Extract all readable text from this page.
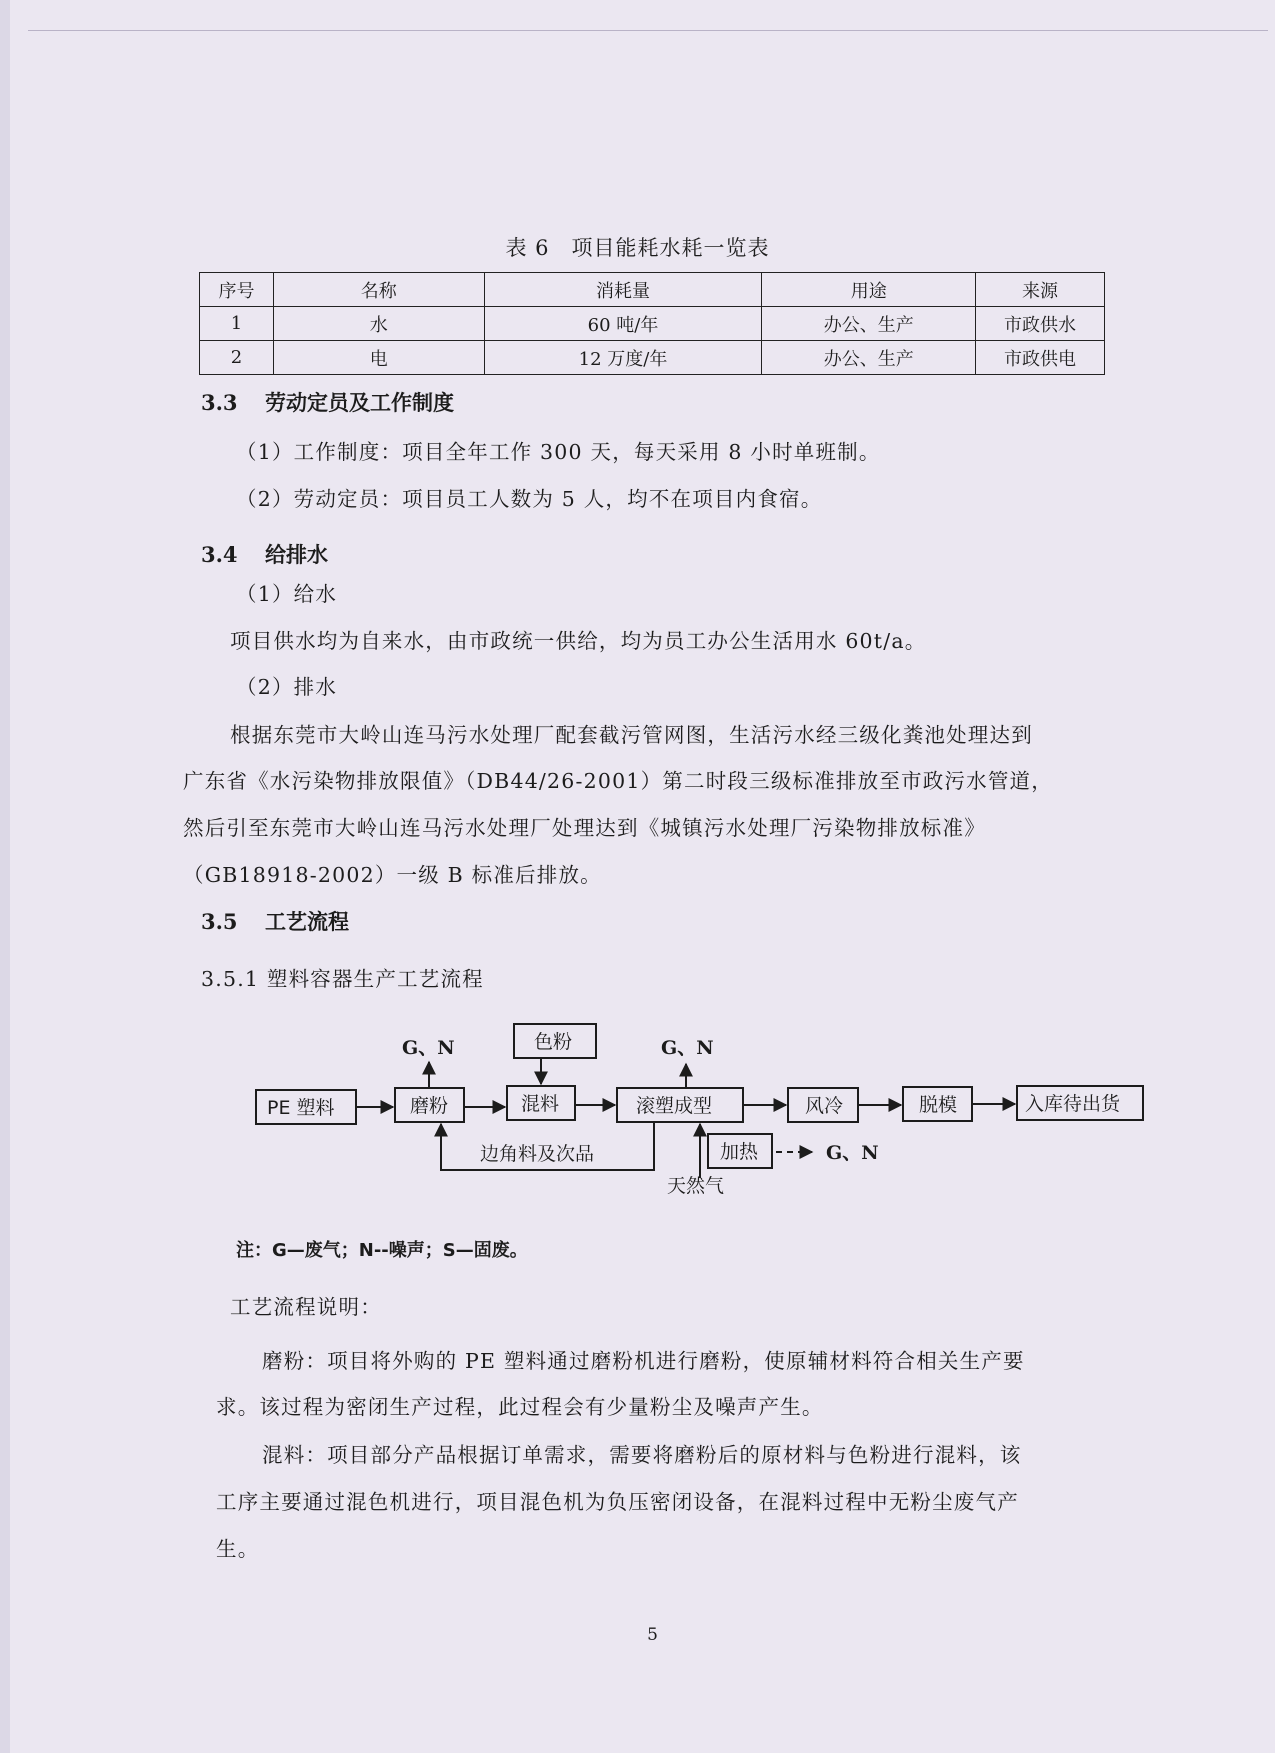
表 6　项目能耗水耗一览表
序号	名称	消耗量	用途	来源
1	水	60 吨/年	办公、生产	市政供水
2	电	12 万度/年	办公、生产	市政供电
3.3 劳动定员及工作制度
（1）工作制度：项目全年工作 300 天，每天采用 8 小时单班制。
（2）劳动定员：项目员工人数为 5 人，均不在项目内食宿。
3.4 给排水
（1）给水
项目供水均为自来水，由市政统一供给，均为员工办公生活用水 60t/a。
（2）排水
根据东莞市大岭山连马污水处理厂配套截污管网图，生活污水经三级化粪池处理达到
广东省《水污染物排放限值》（DB44/26-2001）第二时段三级标准排放至市政污水管道，
然后引至东莞市大岭山连马污水处理厂处理达到《城镇污水处理厂污染物排放标准》
（GB18918-2002）一级 B 标准后排放。
3.5 工艺流程
3.5.1 塑料容器生产工艺流程
PE 塑料	磨粉
色粉
混料	滚塑成型	风冷	脱模	入库待出货
加热
天然气
边角料及次品
G、N	G、N
G、N
注：G—废气；N--噪声；S—固废。
工艺流程说明：
磨粉：项目将外购的 PE 塑料通过磨粉机进行磨粉，使原辅材料符合相关生产要
求。该过程为密闭生产过程，此过程会有少量粉尘及噪声产生。
混料：项目部分产品根据订单需求，需要将磨粉后的原材料与色粉进行混料，该
工序主要通过混色机进行，项目混色机为负压密闭设备，在混料过程中无粉尘废气产
生。
5
